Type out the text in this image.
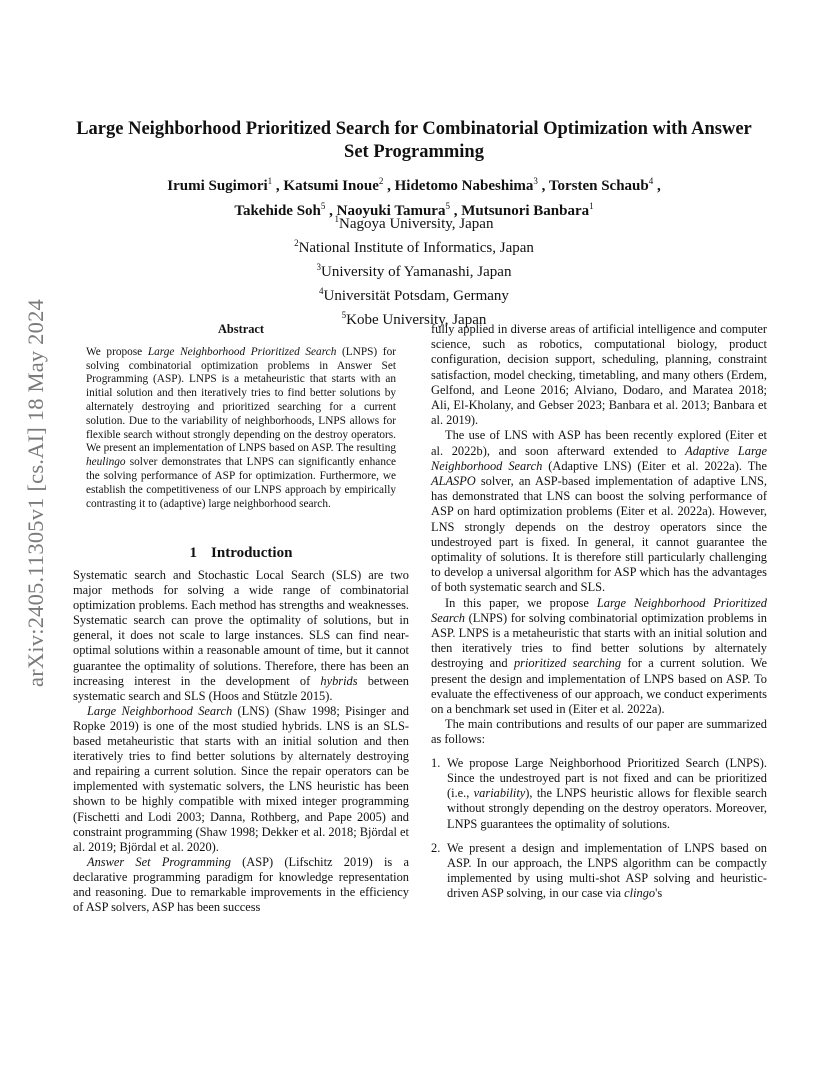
arXiv:2405.11305v1 [cs.AI] 18 May 2024
Large Neighborhood Prioritized Search for Combinatorial Optimization with Answer Set Programming
Irumi Sugimori$^1$ , Katsumi Inoue$^2$ , Hidetomo Nabeshima$^3$ , Torsten Schaub$^4$ ,
Takehide Soh$^5$ , Naoyuki Tamura$^5$ , Mutsunori Banbara$^1$
$^1$Nagoya University, Japan
$^2$National Institute of Informatics, Japan
$^3$University of Yamanashi, Japan
$^4$Universität Potsdam, Germany
$^5$Kobe University, Japan
Abstract

We propose Large Neighborhood Prioritized Search (LNPS) for solving combinatorial optimization problems in Answer Set Programming (ASP). LNPS is a metaheuristic that starts with an initial solution and then iteratively tries to find better solutions by alternately destroying and prioritized searching for a current solution. Due to the variability of neighborhoods, LNPS allows for flexible search without strongly depending on the destroy operators. We present an implementation of LNPS based on ASP. The resulting heulingo solver demonstrates that LNPS can significantly enhance the solving performance of ASP for optimization. Furthermore, we establish the competitiveness of our LNPS approach by empirically contrasting it to (adaptive) large neighborhood search.

1 Introduction

Systematic search and Stochastic Local Search (SLS) are two major methods for solving a wide range of combinatorial optimization problems. Each method has strengths and weaknesses. Systematic search can prove the optimality of solutions, but in general, it does not scale to large instances. SLS can find near-optimal solutions within a reasonable amount of time, but it cannot guarantee the optimality of solutions. Therefore, there has been an increasing interest in the development of hybrids between systematic search and SLS (Hoos and Stützle 2015).

Large Neighborhood Search (LNS) (Shaw 1998; Pisinger and Ropke 2019) is one of the most studied hybrids. LNS is an SLS-based metaheuristic that starts with an initial solution and then iteratively tries to find better solutions by alternately destroying and repairing a current solution. Since the repair operators can be implemented with systematic solvers, the LNS heuristic has been shown to be highly compatible with mixed integer programming (Fischetti and Lodi 2003; Danna, Rothberg, and Pape 2005) and constraint programming (Shaw 1998; Dekker et al. 2018; Björdal et al. 2019; Björdal et al. 2020).

Answer Set Programming (ASP) (Lifschitz 2019) is a declarative programming paradigm for knowledge representation and reasoning. Due to remarkable improvements in the efficiency of ASP solvers, ASP has been success

fully applied in diverse areas of artificial intelligence and computer science, such as robotics, computational biology, product configuration, decision support, scheduling, planning, constraint satisfaction, model checking, timetabling, and many others (Erdem, Gelfond, and Leone 2016; Alviano, Dodaro, and Maratea 2018; Ali, El-Kholany, and Gebser 2023; Banbara et al. 2013; Banbara et al. 2019).

The use of LNS with ASP has been recently explored (Eiter et al. 2022b), and soon afterward extended to Adaptive Large Neighborhood Search (Adaptive LNS) (Eiter et al. 2022a). The ALASPO solver, an ASP-based implementation of adaptive LNS, has demonstrated that LNS can boost the solving performance of ASP on hard optimization problems (Eiter et al. 2022a). However, LNS strongly depends on the destroy operators since the undestroyed part is fixed. In general, it cannot guarantee the optimality of solutions. It is therefore still particularly challenging to develop a universal algorithm for ASP which has the advantages of both systematic search and SLS.

In this paper, we propose Large Neighborhood Prioritized Search (LNPS) for solving combinatorial optimization problems in ASP. LNPS is a metaheuristic that starts with an initial solution and then iteratively tries to find better solutions by alternately destroying and prioritized searching for a current solution. We present the design and implementation of LNPS based on ASP. To evaluate the effectiveness of our approach, we conduct experiments on a benchmark set used in (Eiter et al. 2022a).

The main contributions and results of our paper are summarized as follows:

1. We propose Large Neighborhood Prioritized Search (LNPS). Since the undestroyed part is not fixed and can be prioritized (i.e., variability), the LNPS heuristic allows for flexible search without strongly depending on the destroy operators. Moreover, LNPS guarantees the optimality of solutions.
2. We present a design and implementation of LNPS based on ASP. In our approach, the LNPS algorithm can be compactly implemented by using multi-shot ASP solving and heuristic-driven ASP solving, in our case via clingo's
